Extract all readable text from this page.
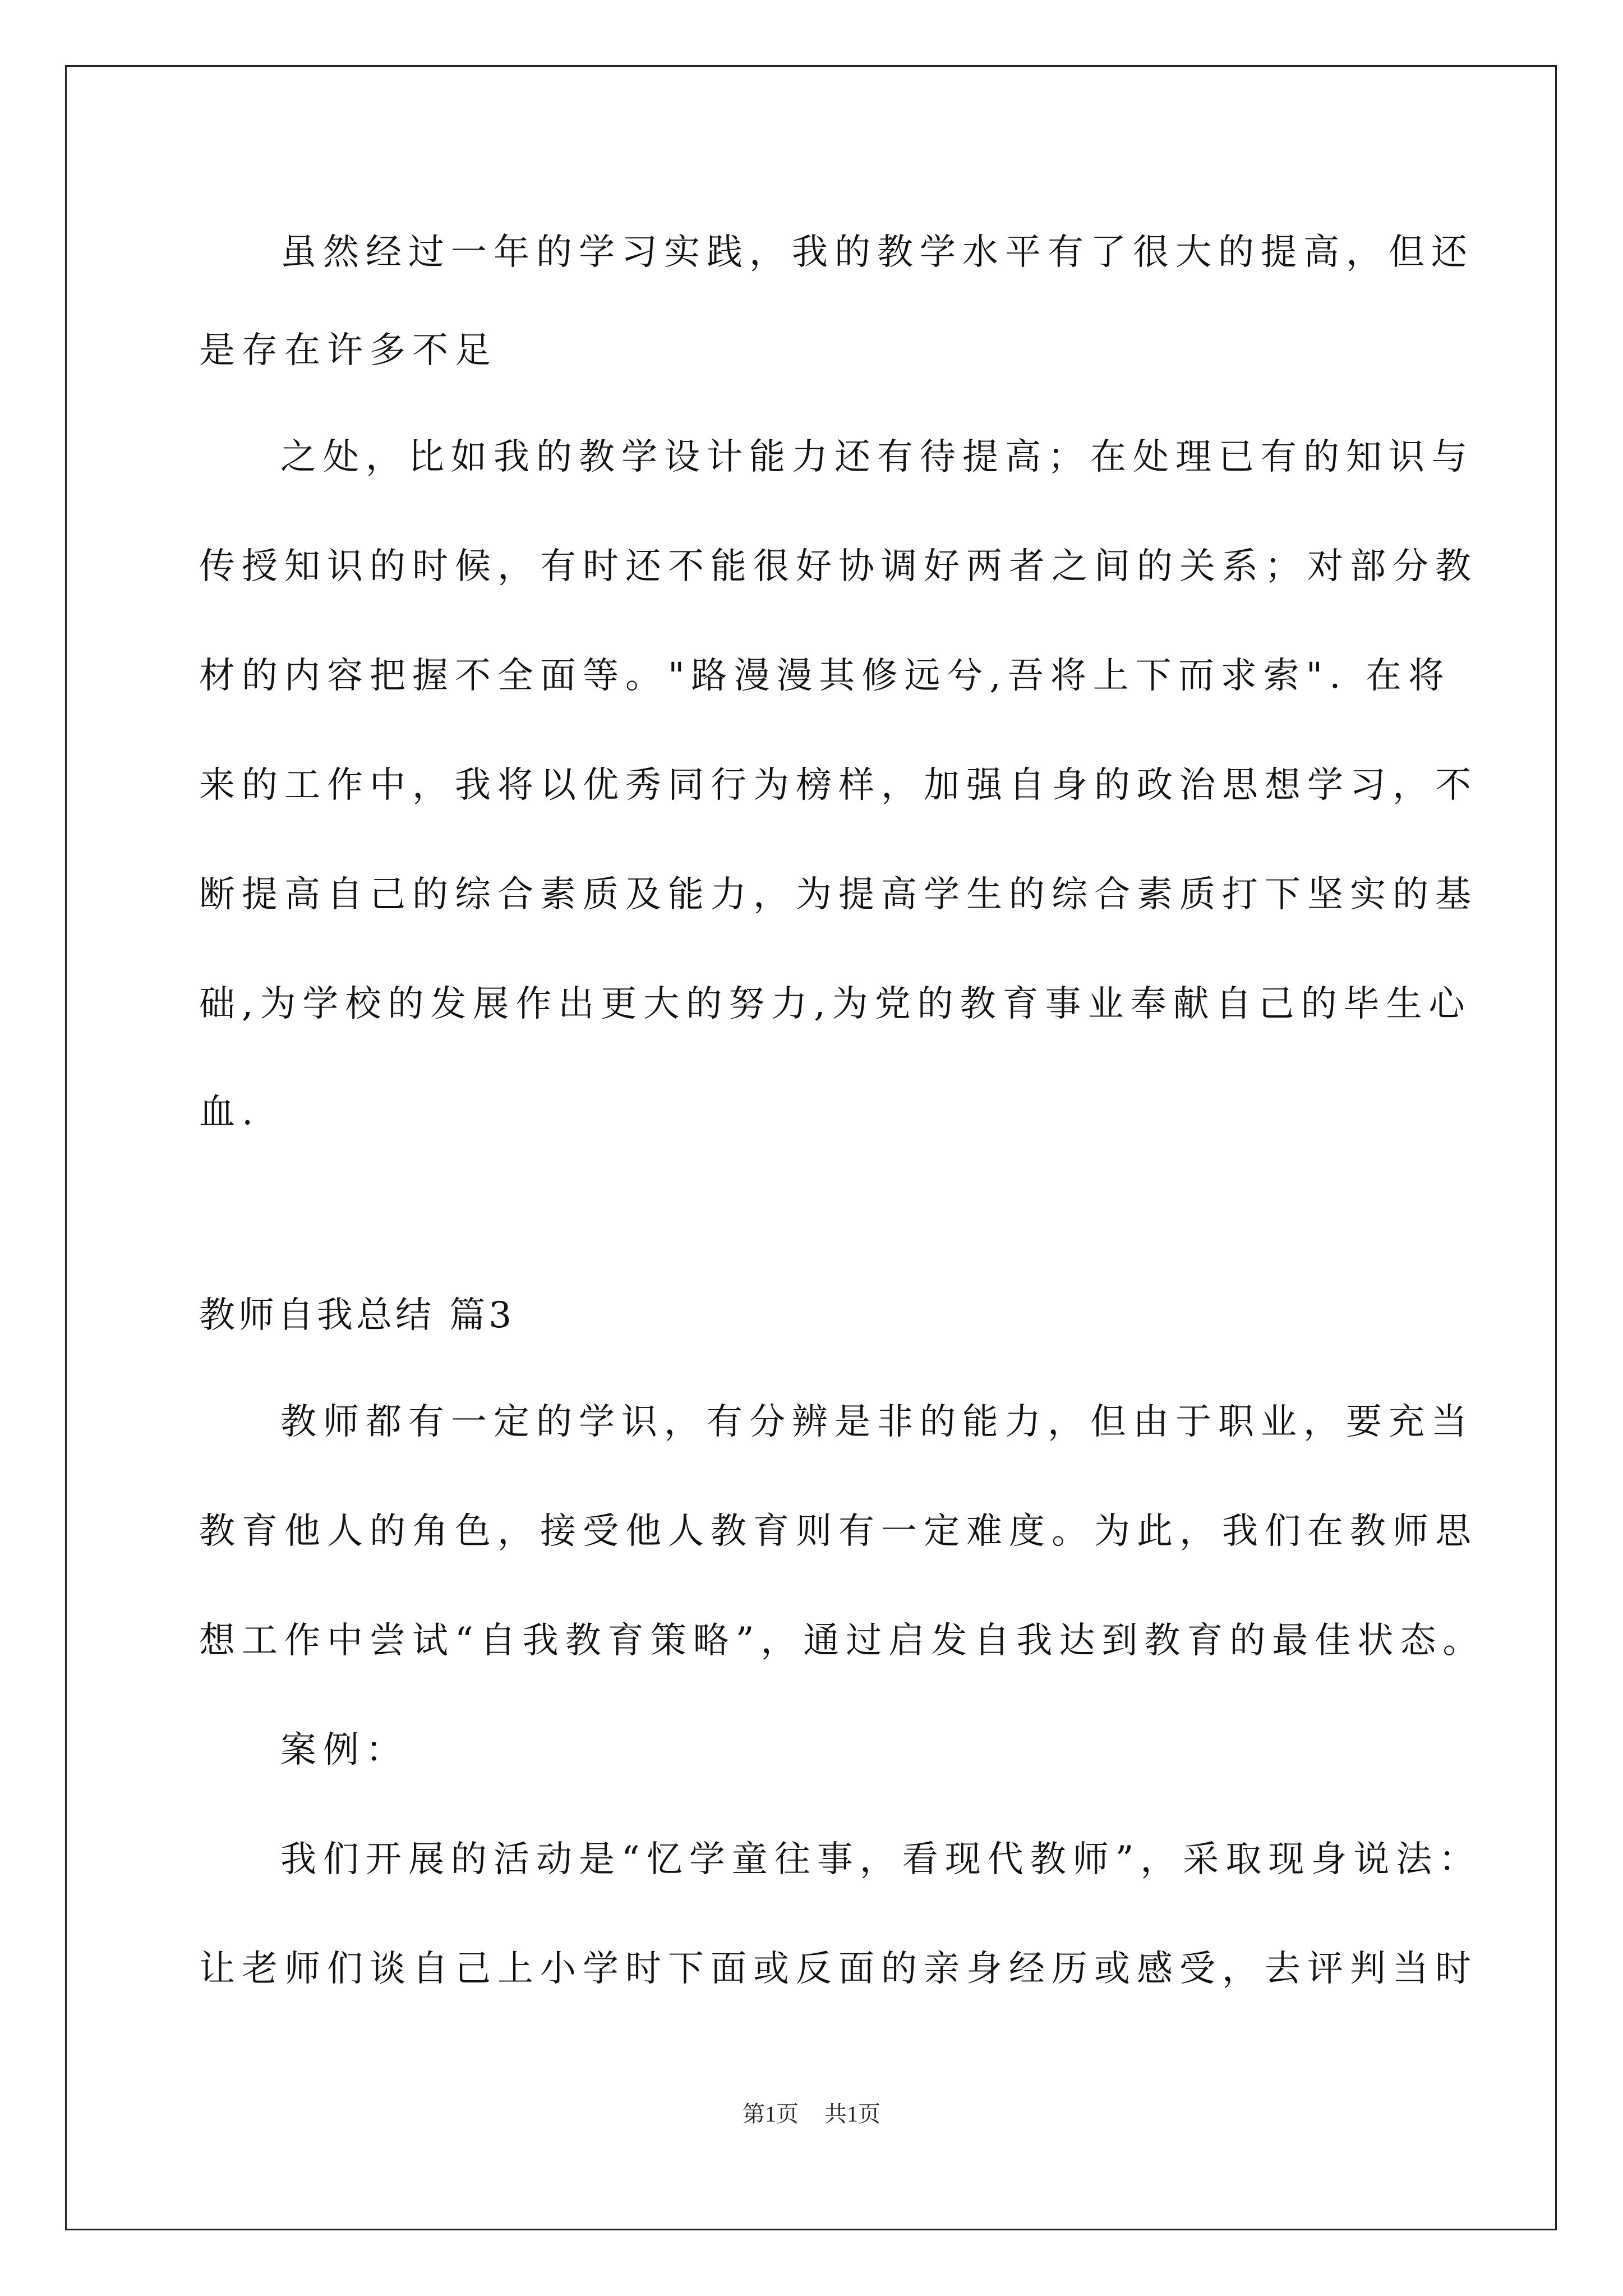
虽然经过一年的学习实践，我的教学水平有了很大的提高，但还
是存在许多不足
之处，比如我的教学设计能力还有待提高；在处理已有的知识与
传授知识的时候，有时还不能很好协调好两者之间的关系；对部分教
材的内容把握不全面等。"路漫漫其修远兮,吾将上下而求索". 在将
来的工作中，我将以优秀同行为榜样，加强自身的政治思想学习，不
断提高自己的综合素质及能力，为提高学生的综合素质打下坚实的基
础,为学校的发展作出更大的努力,为党的教育事业奉献自己的毕生心
血.
教师自我总结 篇3
教师都有一定的学识，有分辨是非的能力，但由于职业，要充当
教育他人的角色，接受他人教育则有一定难度。为此，我们在教师思
想工作中尝试“自我教育策略”，通过启发自我达到教育的最佳状态。
案例：
我们开展的活动是“忆学童往事，看现代教师”，采取现身说法：
让老师们谈自己上小学时下面或反面的亲身经历或感受，去评判当时
第1页 共1页
